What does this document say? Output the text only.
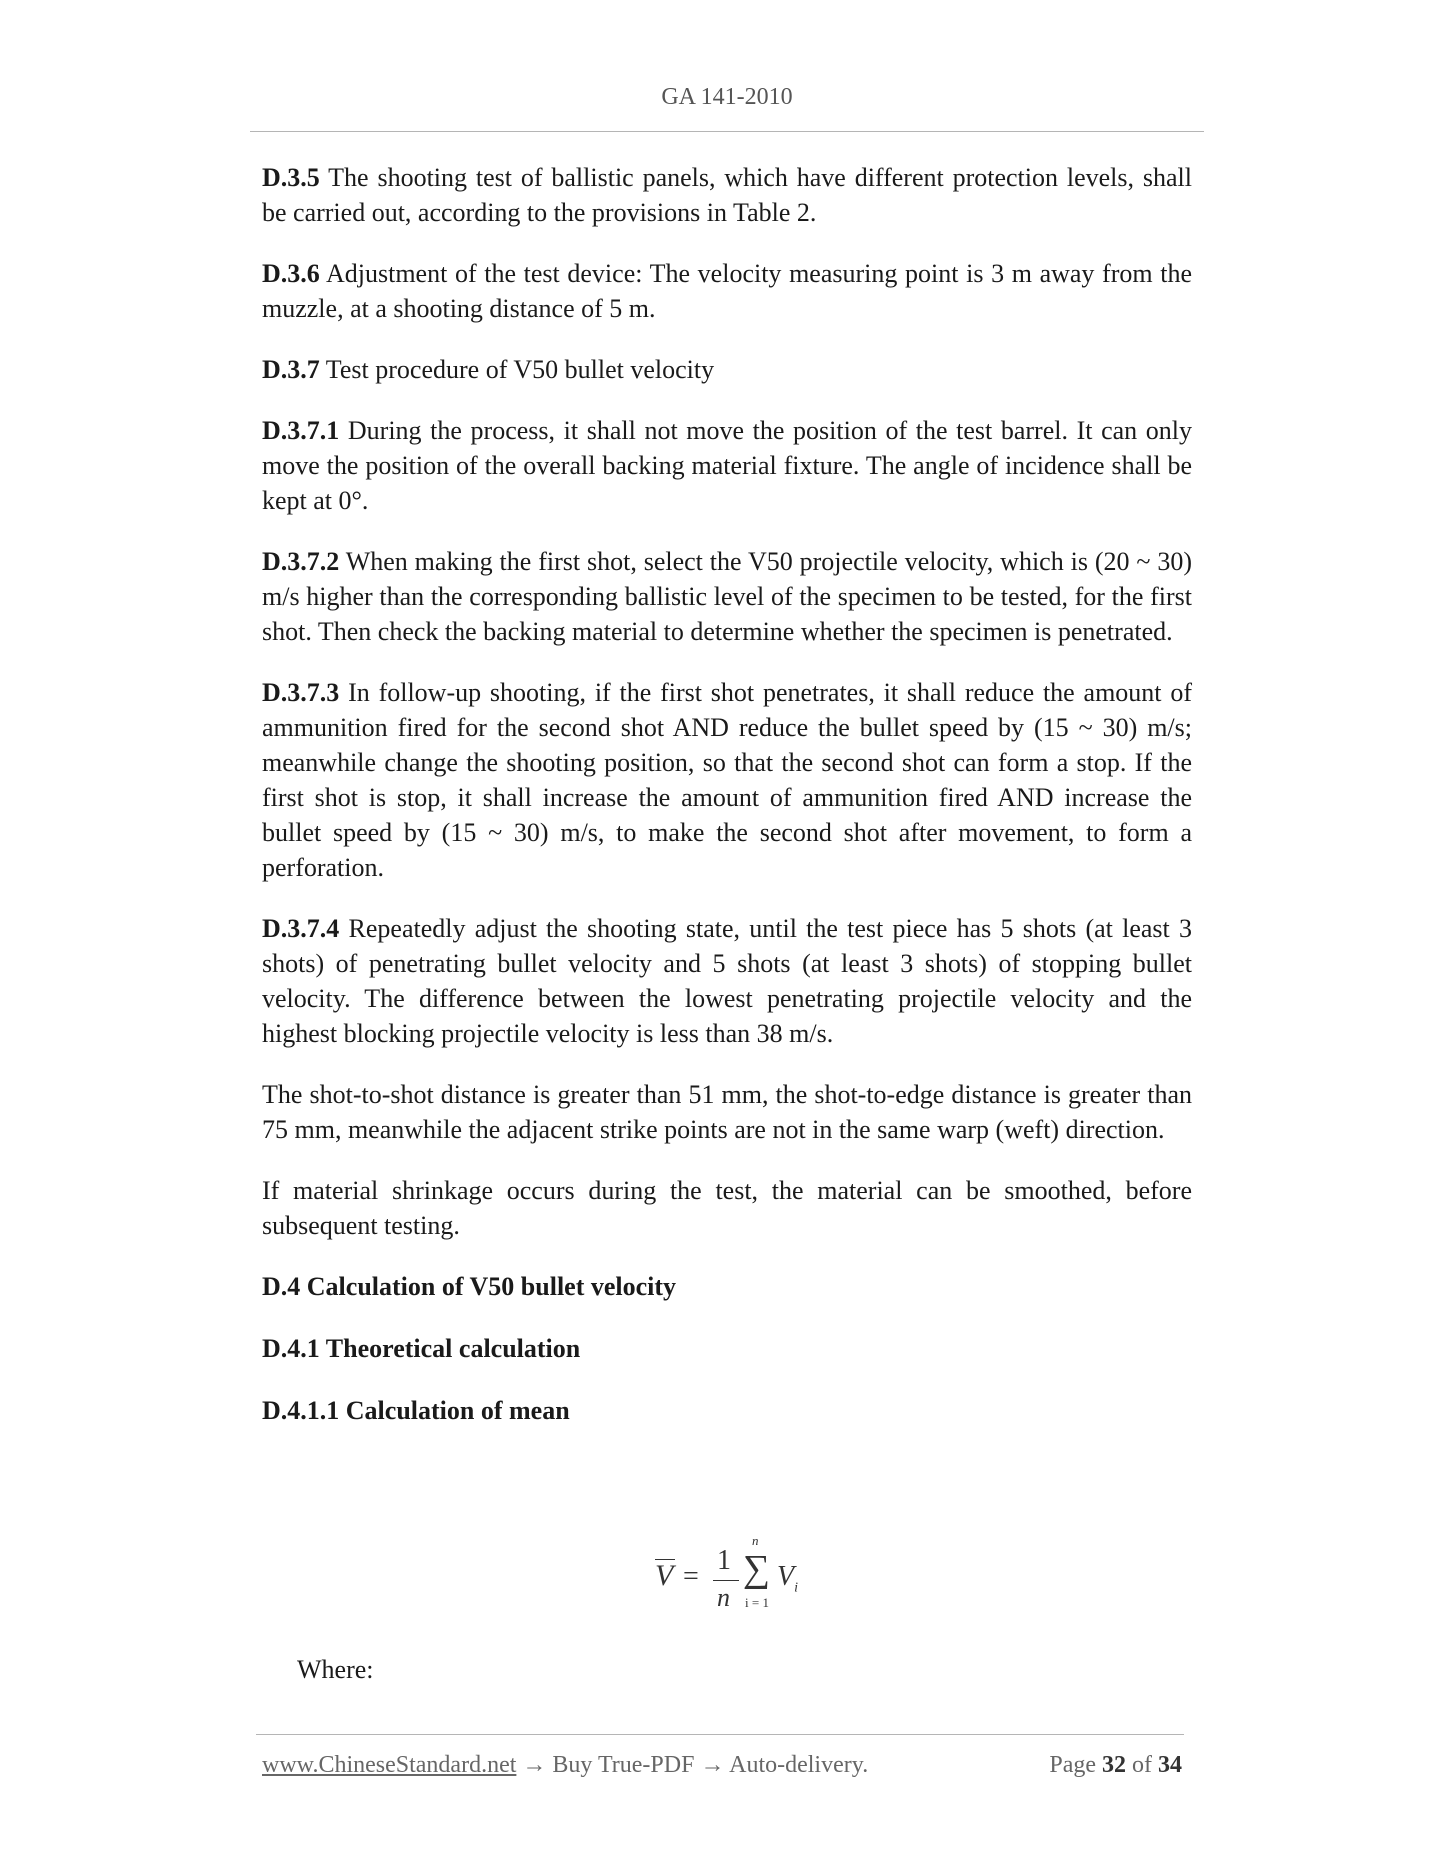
GA 141-2010

D.3.5 The shooting test of ballistic panels, which have different protection levels, shall be carried out, according to the provisions in Table 2.

D.3.6 Adjustment of the test device: The velocity measuring point is 3 m away from the muzzle, at a shooting distance of 5 m.

D.3.7 Test procedure of V50 bullet velocity

D.3.7.1 During the process, it shall not move the position of the test barrel. It can only move the position of the overall backing material fixture. The angle of incidence shall be kept at 0°.

D.3.7.2 When making the first shot, select the V50 projectile velocity, which is (20 ~ 30) m/s higher than the corresponding ballistic level of the specimen to be tested, for the first shot. Then check the backing material to determine whether the specimen is penetrated.

D.3.7.3 In follow-up shooting, if the first shot penetrates, it shall reduce the amount of ammunition fired for the second shot AND reduce the bullet speed by (15 ~ 30) m/s; meanwhile change the shooting position, so that the second shot can form a stop. If the first shot is stop, it shall increase the amount of ammunition fired AND increase the bullet speed by (15 ~ 30) m/s, to make the second shot after movement, to form a perforation.

D.3.7.4 Repeatedly adjust the shooting state, until the test piece has 5 shots (at least 3 shots) of penetrating bullet velocity and 5 shots (at least 3 shots) of stopping bullet velocity. The difference between the lowest penetrating projectile velocity and the highest blocking projectile velocity is less than 38 m/s.

The shot-to-shot distance is greater than 51 mm, the shot-to-edge distance is greater than 75 mm, meanwhile the adjacent strike points are not in the same warp (weft) direction.

If material shrinkage occurs during the test, the material can be smoothed, before subsequent testing.

D.4 Calculation of V50 bullet velocity
D.4.1 Theoretical calculation
D.4.1.1 Calculation of mean
V =
1
n
n
∑
i = 1
$V_i$
Where:
www.ChineseStandard.net → Buy True-PDF → Auto-delivery.	Page 32 of 34
